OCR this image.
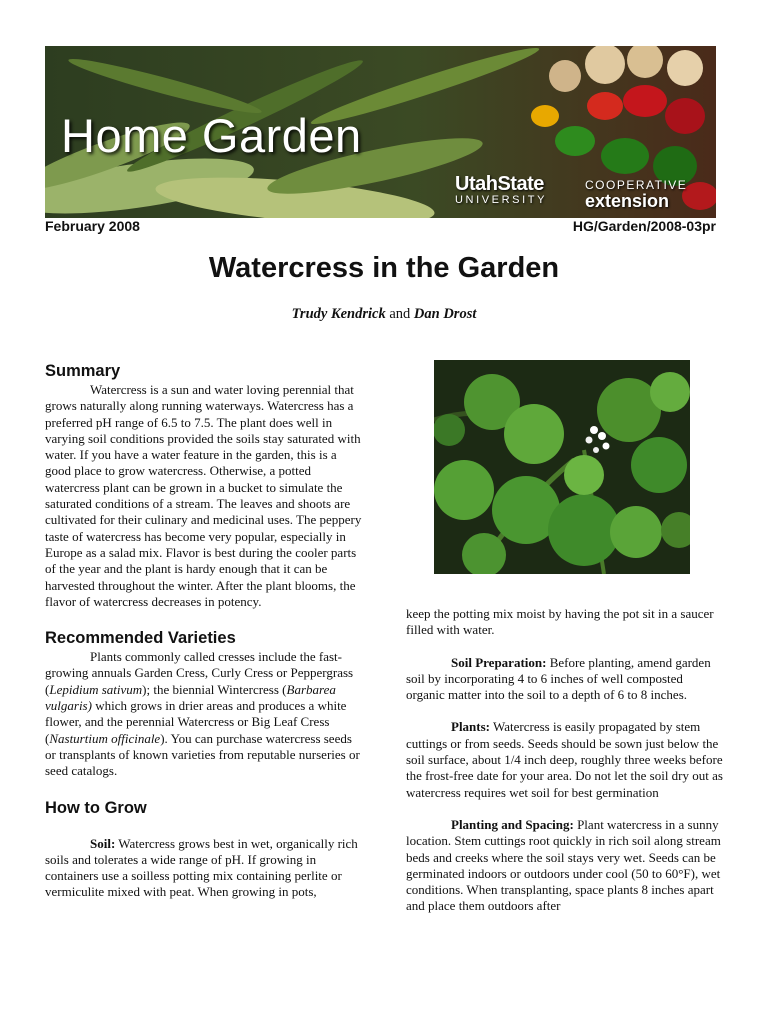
Home Garden
UtahState
UNIVERSITY
COOPERATIVE
extension
February 2008	HG/Garden/2008-03pr
Watercress in the Garden
Trudy Kendrick and Dan Drost
Summary

Watercress is a sun and water loving perennial that grows naturally along running waterways. Watercress has a preferred pH range of 6.5 to 7.5. The plant does well in varying soil conditions provided the soils stay saturated with water. If you have a water feature in the garden, this is a good place to grow watercress. Otherwise, a potted watercress plant can be grown in a bucket to simulate the saturated conditions of a stream. The leaves and shoots are cultivated for their culinary and medicinal uses. The peppery taste of watercress has become very popular, especially in Europe as a salad mix. Flavor is best during the cooler parts of the year and the plant is hardy enough that it can be harvested throughout the winter. After the plant blooms, the flavor of watercress decreases in potency.

Recommended Varieties

Plants commonly called cresses include the fast-growing annuals Garden Cress, Curly Cress or Peppergrass (Lepidium sativum); the biennial Wintercress (Barbarea vulgaris) which grows in drier areas and produces a white flower, and the perennial Watercress or Big Leaf Cress (Nasturtium officinale). You can purchase watercress seeds or transplants of known varieties from reputable nurseries or seed catalogs.

How to Grow

Soil: Watercress grows best in wet, organically rich soils and tolerates a wide range of pH. If growing in containers use a soilless potting mix containing perlite or vermiculite mixed with peat. When growing in pots,

keep the potting mix moist by having the pot sit in a saucer filled with water.

Soil Preparation: Before planting, amend garden soil by incorporating 4 to 6 inches of well composted organic matter into the soil to a depth of 6 to 8 inches.

Plants: Watercress is easily propagated by stem cuttings or from seeds. Seeds should be sown just below the soil surface, about 1/4 inch deep, roughly three weeks before the frost-free date for your area. Do not let the soil dry out as watercress requires wet soil for best germination

Planting and Spacing: Plant watercress in a sunny location. Stem cuttings root quickly in rich soil along stream beds and creeks where the soil stays very wet. Seeds can be germinated indoors or outdoors under cool (50 to 60°F), wet conditions. When transplanting, space plants 8 inches apart and place them outdoors after
